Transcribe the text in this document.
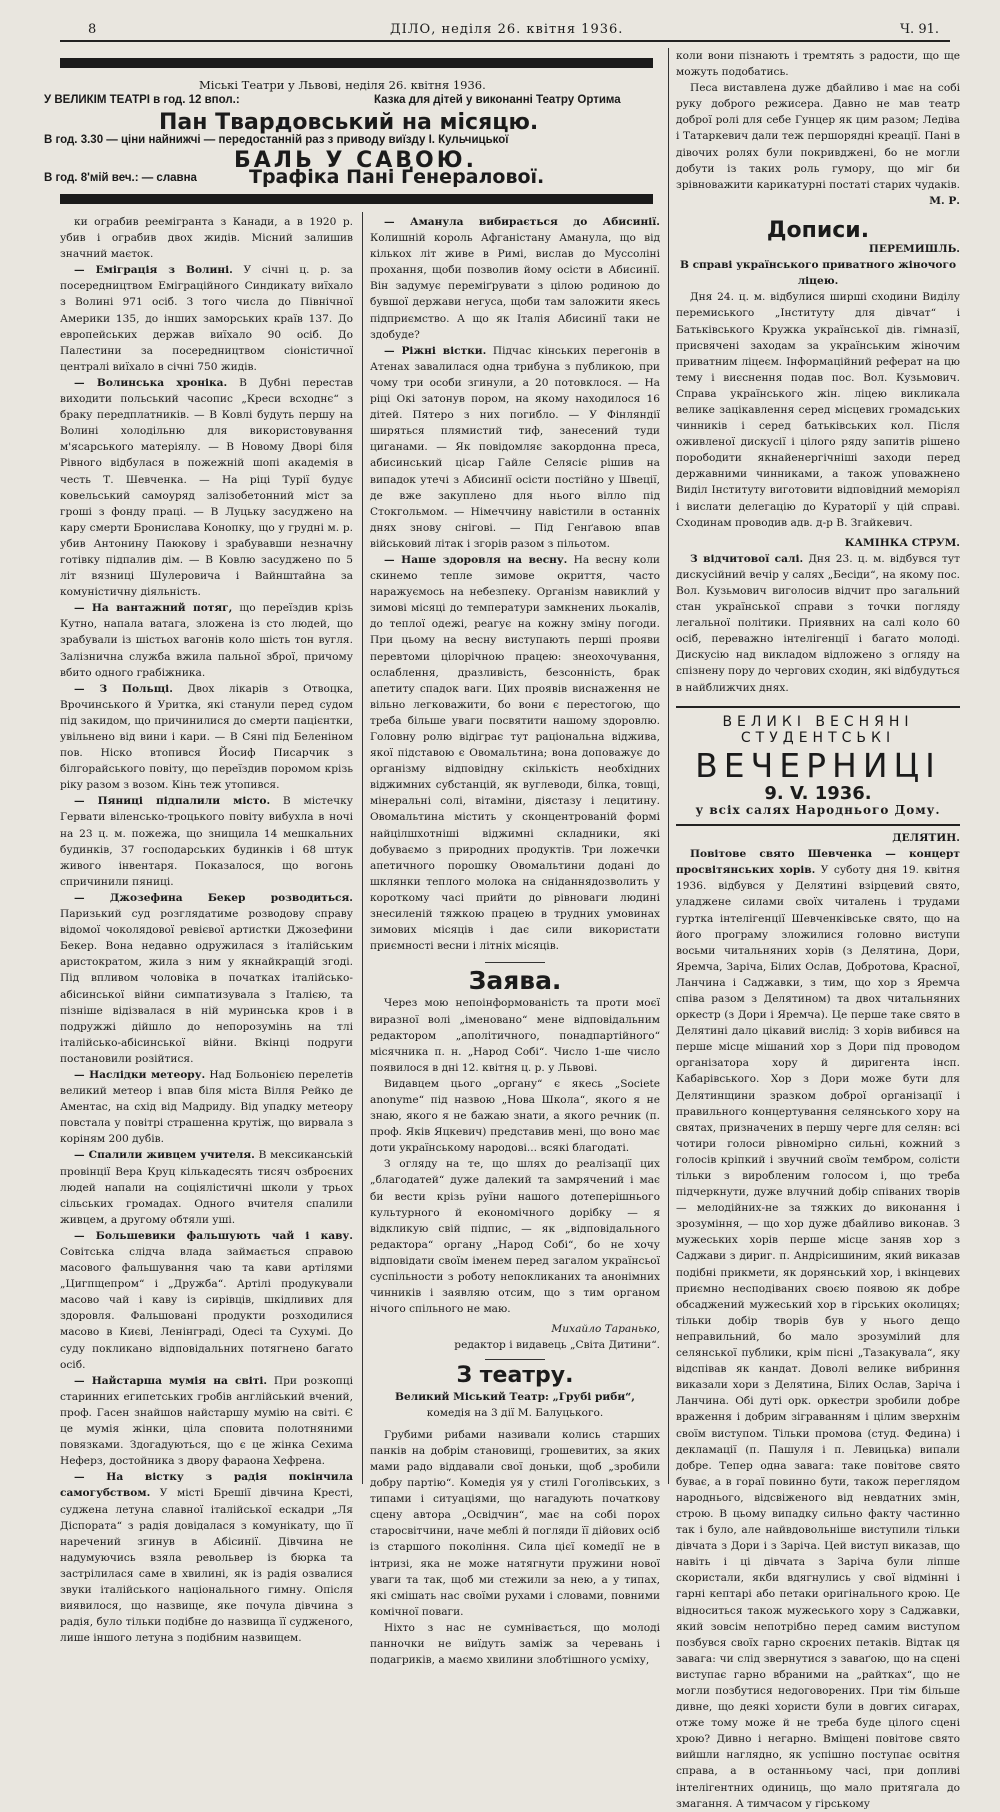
8	ДІЛО, неділя 26. квітня 1936.	Ч. 91.
Міські Театри у Львові, неділя 26. квітня 1936.
У ВЕЛИКІМ ТЕАТРІ в год. 12 впол.:	Казка для дітей у виконанні Театру Ортима
Пан Твардовський на місяцю.
В год. 3.30 — ціни найнижчі — передостанній раз з приводу виїзду І. Кульчицької
БАЛЬ У САВОЮ.
В год. 8'мій веч.: — славна	Трафіка Пані Ґенералової.

ки ограбив реемігранта з Канади, а в 1920 р. убив і ограбив двох жидів. Місний залишив значний маєток.

— Еміграція з Волині. У січні ц. р. за посередництвом Еміграційного Синдикату виїхало з Волині 971 осіб. З того числа до Північної Америки 135, до інших заморських країв 137. До европейських держав виїхало 90 осіб. До Палестини за посередництвом сіоністичної централі виїхало в січні 750 жидів.

— Волинська хроніка. В Дубні перестав виходити польський часопис „Креси всходнє“ з браку передплатників. — В Ковлі будуть першу на Волині холодільню для використовування м'ясарського матеріялу. — В Новому Дворі біля Рівного відбулася в пожежній шопі академія в честь Т. Шевченка. — На ріці Турії будує ковельський самоуряд залізобетонний міст за гроші з фонду праці. — В Луцьку засуджено на кару смерти Бронислава Конопку, що у грудні м. р. убив Антонину Паюкову і зрабувавши незначну готівку підпалив дім. — В Ковлю засуджено по 5 літ вязниці Шулеровича і Вайнштайна за комуністичну діяльність.

— На вантажний потяг, що переїздив крізь Кутно, напала ватага, зложена із сто людей, що зрабували із шістьох вагонів коло шість тон вугля. Залізнична служба вжила пальної зброї, причому вбито одного грабіжника.

— З Польщі. Двох лікарів з Отвоцка, Врочинського й Уритка, які станули перед судом під закидом, що причинилися до смерти пацієнтки, увільнено від вини і кари. — В Сяні під Беленіном пов. Ніско втопився Йосиф Писарчик з білгорайського повіту, що переїздив поромом крізь ріку разом з возом. Кінь теж утопився.

— Пяниці підпалили місто. В містечку Гервати віленсько-троцького повіту вибухла в ночі на 23 ц. м. пожежа, що знищила 14 мешкальних будинків, 37 господарських будинків і 68 штук живого інвентаря. Показалося, що вогонь спричинили пяниці.

— Джозефина Бекер розводиться. Паризький суд розглядатиме розводову справу відомої чоколядової ревієвої артистки Джозефини Бекер. Вона недавно одружилася з італійським аристократом, жила з ним у якнайкращій згоді. Під впливом чоловіка в початках італійсько-абісинської війни симпатизувала з Італією, та пізніше відізвалася в ній муринська кров і в подружжі дійшло до непорозумінь на тлі італійсько-абісинської війни. Вкінці подруги постановили розійтися.

— Наслідки метеору. Над Больонією перелетів великий метеор і впав біля міста Вілля Рейко де Аментас, на схід від Мадриду. Від упадку метеору повстала у повітрі страшенна крутіж, що вирвала з коріням 200 дубів.

— Спалили живцем учителя. В мексиканській провінції Вера Круц кількадесять тисяч озброєних людей напали на соціялістичні школи у трьох сільських громадах. Одного вчителя спалили живцем, а другому обтяли уші.

— Большевики фальшують чай і каву. Совітська слідча влада займається справою масового фальшування чаю та кави артілями „Цигпщепром“ і „Дружба“. Артілі продукували масово чай і каву із сирівців, шкідливих для здоровля. Фальшовані продукти розходилися масово в Києві, Ленінграді, Одесі та Сухумі. До суду покликано відповідальних потягнено багато осіб.

— Найстарша мумія на світі. При розкопці старинних египетських гробів англійський вчений, проф. Гасен знайшов найстаршу мумію на світі. Є це мумія жінки, ціла сповита полотняними повязками. Здогадуються, що є це жінка Сехима Неферз, достойника з двору фараона Хефрена.

— На вістку з радія покінчила самогубством. У місті Брешії дівчина Кресті, суджена летуна славної італійської ескадри „Ля Діспората“ з радія довідалася з комунікату, що її наречений згинув в Абісинії. Дівчина не надумуючись взяла револьвер із бюрка та застрілилася саме в хвилині, як із радія озвалися звуки італійського національного гимну. Опісля виявилося, що назвище, яке почула дівчина з радія, було тільки подібне до назвища її судженого, лише іншого летуна з подібним назвищем.

— Аманула вибирається до Абисинії. Колишній король Афганістану Аманула, що від кількох літ живе в Римі, вислав до Муссоліні прохання, щоби позволив йому осісти в Абисинії. Він задумує переміґрувати з цілою родиною до бувшої держави негуса, щоби там заложити якесь підприємство. А що як Італія Абисинії таки не здобуде?

— Ріжні вістки. Підчас кінських перегонів в Атенах завалилася одна трибуна з публикою, при чому три особи згинули, а 20 потовклося. — На ріці Окі затонув пором, на якому находилося 16 дітей. Пятеро з них погибло. — У Фінляндії ширяться плямистий тиф, занесений туди циганами. — Як повідомляє закордонна преса, абисинський цісар Гайле Селясіє рішив на випадок утечі з Абисинії осісти постійно у Швеції, де вже закуплено для нього вілло під Стокгольмом. — Німеччину навістили в останніх днях знову снігові. — Під Генґавою впав військовий літак і згорів разом з пільотом.

— Наше здоровля на весну. На весну коли скинемо тепле зимове окриття, часто наражуємось на небезпеку. Організм навиклий у зимові місяці до температури замкнених льокалів, до теплої одежі, реагує на кожну зміну погоди. При цьому на весну виступають перші прояви перевтоми цілорічною працею: знеохочування, ослаблення, дразливість, безсонність, брак апетиту спадок ваги. Цих проявів виснаження не вільно легковажити, бо вони є перестогою, що треба більше уваги посвятити нашому здоровлю. Головну ролю відіграє тут раціональна віджива, якої підставою є Овомальтина; вона доповажує до організму відповідну скількість необхідних віджимних субстанцій, як вуглеводи, білка, товщі, мінеральні солі, вітаміни, діястазу і лецитину. Овомальтина містить у сконцентрованій формі найцілшхотніші віджимні складники, які добуваємо з природних продуктів. Три ложечки апетичного порошку Овомальтини додані до шклянки теплого молока на сніданнядозволить у короткому часі прийти до рівноваги людині знесиленій тяжкою працею в трудних умовинах зимових місяців і дає сили використати приємності весни і літніх місяців.

Заява.

Через мою непоінформованість та проти моєї виразної волі „іменовано“ мене відповідальним редактором „аполітичного, понадпартійного“ місячника п. н. „Народ Собі“. Число 1-ше число появилося в дні 12. квітня ц. р. у Львові.

Видавцем цього „органу“ є якесь „Societe anonyme“ під назвою „Нова Школа“, якого я не знаю, якого я не бажаю знати, а якого речник (п. проф. Яків Яцкевич) представив мені, що воно має доти українському народові... всякі благодаті.

З огляду на те, що шлях до реалізації цих „благодатей“ дуже далекий та замрячений і має би вести крізь руїни нашого дотеперішнього культурного й економічного дорібку — я відкликую свій підпис, — як „відповідального редактора“ органу „Народ Собі“, бо не хочу відповідати своїм іменем перед загалом українсьої суспільности з роботу непокликаних та анонімних чинників і заявляю отсим, що з тим органом нічого спільного не маю.

Михайло Таранько,

редактор і видавець „Світа Дитини“.

З театру.

Великий Міський Театр: „Грубі риби“,

комедія на 3 дії М. Балуцького.

Грубими рибами називали колись старших панків на добрім становищі, грошевитих, за яких мами радо віддавали свої доньки, щоб „зробили добру партію“. Комедія уя у стилі Гоголівських, з типами і ситуаціями, що нагадують початкову сцену автора „Освідчин“, має на собі порох старосвітчини, наче меблі й погляди її дійових осіб із старшого покоління. Сила цієї комедії не в інтризі, яка не може натягнути пружини нової уваги та так, щоб ми стежили за нею, а у типах, які смішать нас своїми рухами і словами, повними комічної поваги.

Ніхто з нас не сумнівається, що молоді панночки не виїдуть заміж за черевань і подагриків, а маємо хвилини злобтішного усміху,

коли вони пізнають і тремтять з радости, що ще можуть подобатись.

Песа виставлена дуже дбайливо і має на собі руку доброго режисера. Давно не мав театр доброї ролі для себе Гунцер як цим разом; Ледіва і Татаркевич дали теж першорядні креації. Пані в дівочих ролях були покривджені, бо не могли добути із таких роль гумору, що міг би зрівноважити карикатурні постаті старих чудаків.

М. Р.

Дописи.

ПЕРЕМИШЛЬ.

В справі українського приватного жіночого ліцею.

Дня 24. ц. м. відбулися ширші сходини Виділу перемиського „Інституту для дівчат“ і Батьківського Кружка української дів. гімназії, присвячені заходам за українським жіночим приватним ліцеєм. Інформаційний реферат на цю тему і виєснення подав пос. Вол. Кузьмович. Справа українського жін. ліцею викликала велике зацікавлення серед місцевих громадських чинників і серед батьківських кол. Після оживленої дискусії і цілого ряду запитів рішено порободити якнайенергічніші заходи перед державними чинниками, а також уповажнено Виділ Інституту виготовити відповідний меморіял і вислати делегацію до Кураторії у цій справі. Сходинам проводив адв. д-р В. Згайкевич.

КАМІНКА СТРУМ.

З відчитової салі. Дня 23. ц. м. відбувся тут дискусійний вечір у салях „Бесіди“, на якому пос. Вол. Кузьмович виголосив відчит про загальний стан української справи з точки погляду легальної політики. Приявних на салі коло 60 осіб, переважно інтелігенції і багато молоді. Дискусію над викладом відложено з огляду на спізнену пору до чергових сходин, які відбудуться в найближчих днях.

ВЕЛИКІ ВЕСНЯНІ
СТУДЕНТСЬКІ
ВЕЧЕРНИЦІ
9. V. 1936.
у всіх салях Народнього Дому.

ДЕЛЯТИН.

Повітове свято Шевченка — концерт просвітянських хорів. У суботу дня 19. квітня 1936. відбувся у Делятині взірцевий свято, уладжене силами своїх читалень і трудами гуртка інтелігенції Шевченківське свято, що на його програму зложилися головно виступи восьми читальняних хорів (з Делятина, Дори, Яремча, Заріча, Білих Ослав, Добротова, Красної, Ланчина і Саджавки, з тим, що хор з Яремча співа разом з Делятином) та двох читальняних оркестр (з Дори і Яремча). Це перше таке свято в Делятині дало цікавий вислід: З хорів вибився на перше місце мішаний хор з Дори під проводом організатора хору й диригента інсп. Кабарівського. Хор з Дори може бути для Делятинщини зразком доброї організації і правильного концертування селянського хору на святах, призначених в першу черге для селян: всі чотири голоси рівномірно сильні, кожний з голосів кріпкий і звучний своїм тембром, солісти тільки з виробленим голосом і, що треба підчеркнути, дуже влучний добір співаних творів — мелодійних-не за тяжких до виконання і зрозуміння, — що хор дуже дбайливо виконав. З мужеських хорів перше місце заняв хор з Саджави з дириг. п. Андрісишиним, який виказав подібні прикмети, як дорянський хор, і вкінцевих приємно несподіваних своєю появою як добре обсаджений мужеський хор в гірських околицях; тільки добір творів був у нього дещо неправильний, бо мало зрозумілий для селянської публики, крім пісні „Тазакувала“, яку відспівав як кандат. Доволі велике вибриння виказали хори з Делятина, Білих Ослав, Заріча і Ланчина. Обі дуті орк. оркестри зробили добре враження і добрим зіграванням і цілим зверхнім своїм виступом. Тільки промова (студ. Федина) і декламації (п. Пашуля і п. Левицька) випали добре. Тепер одна завага: таке повітове свято буває, а в гораї повинно бути, також переглядом народнього, відсвіженого від невдатних змін, строю. В цьому випадку сильно факту частинно так і було, але найвдовольніше виступили тільки дівчата з Дори і з Заріча. Цей виступ виказав, що навіть і ці дівчата з Заріча були ліпше скористали, якби вдягнулись у свої відмінні і гарні кептарі або петаки оригінального крою. Це відноситься також мужеського хору з Саджавки, який зовсім непотрібно перед самим виступом позбувся своїх гарно скроєних петаків. Відтак ця завага: чи слід звернутися з заваґою, що на сцені виступає гарно вбраними на „райтках“, що не могли позбутися недоговорених. При тім більше дивне, що деякі хористи були в довгих сигарах, отже тому може й не треба буде цілого сцені хрою? Дивно і негарно. Вміщені повітове свято вийшли наглядно, як успішно поступає освітня справа, а в останньому часі, при допливі інтелігентних одиниць, що мало притягала до змагання. А тимчасом у гірському
